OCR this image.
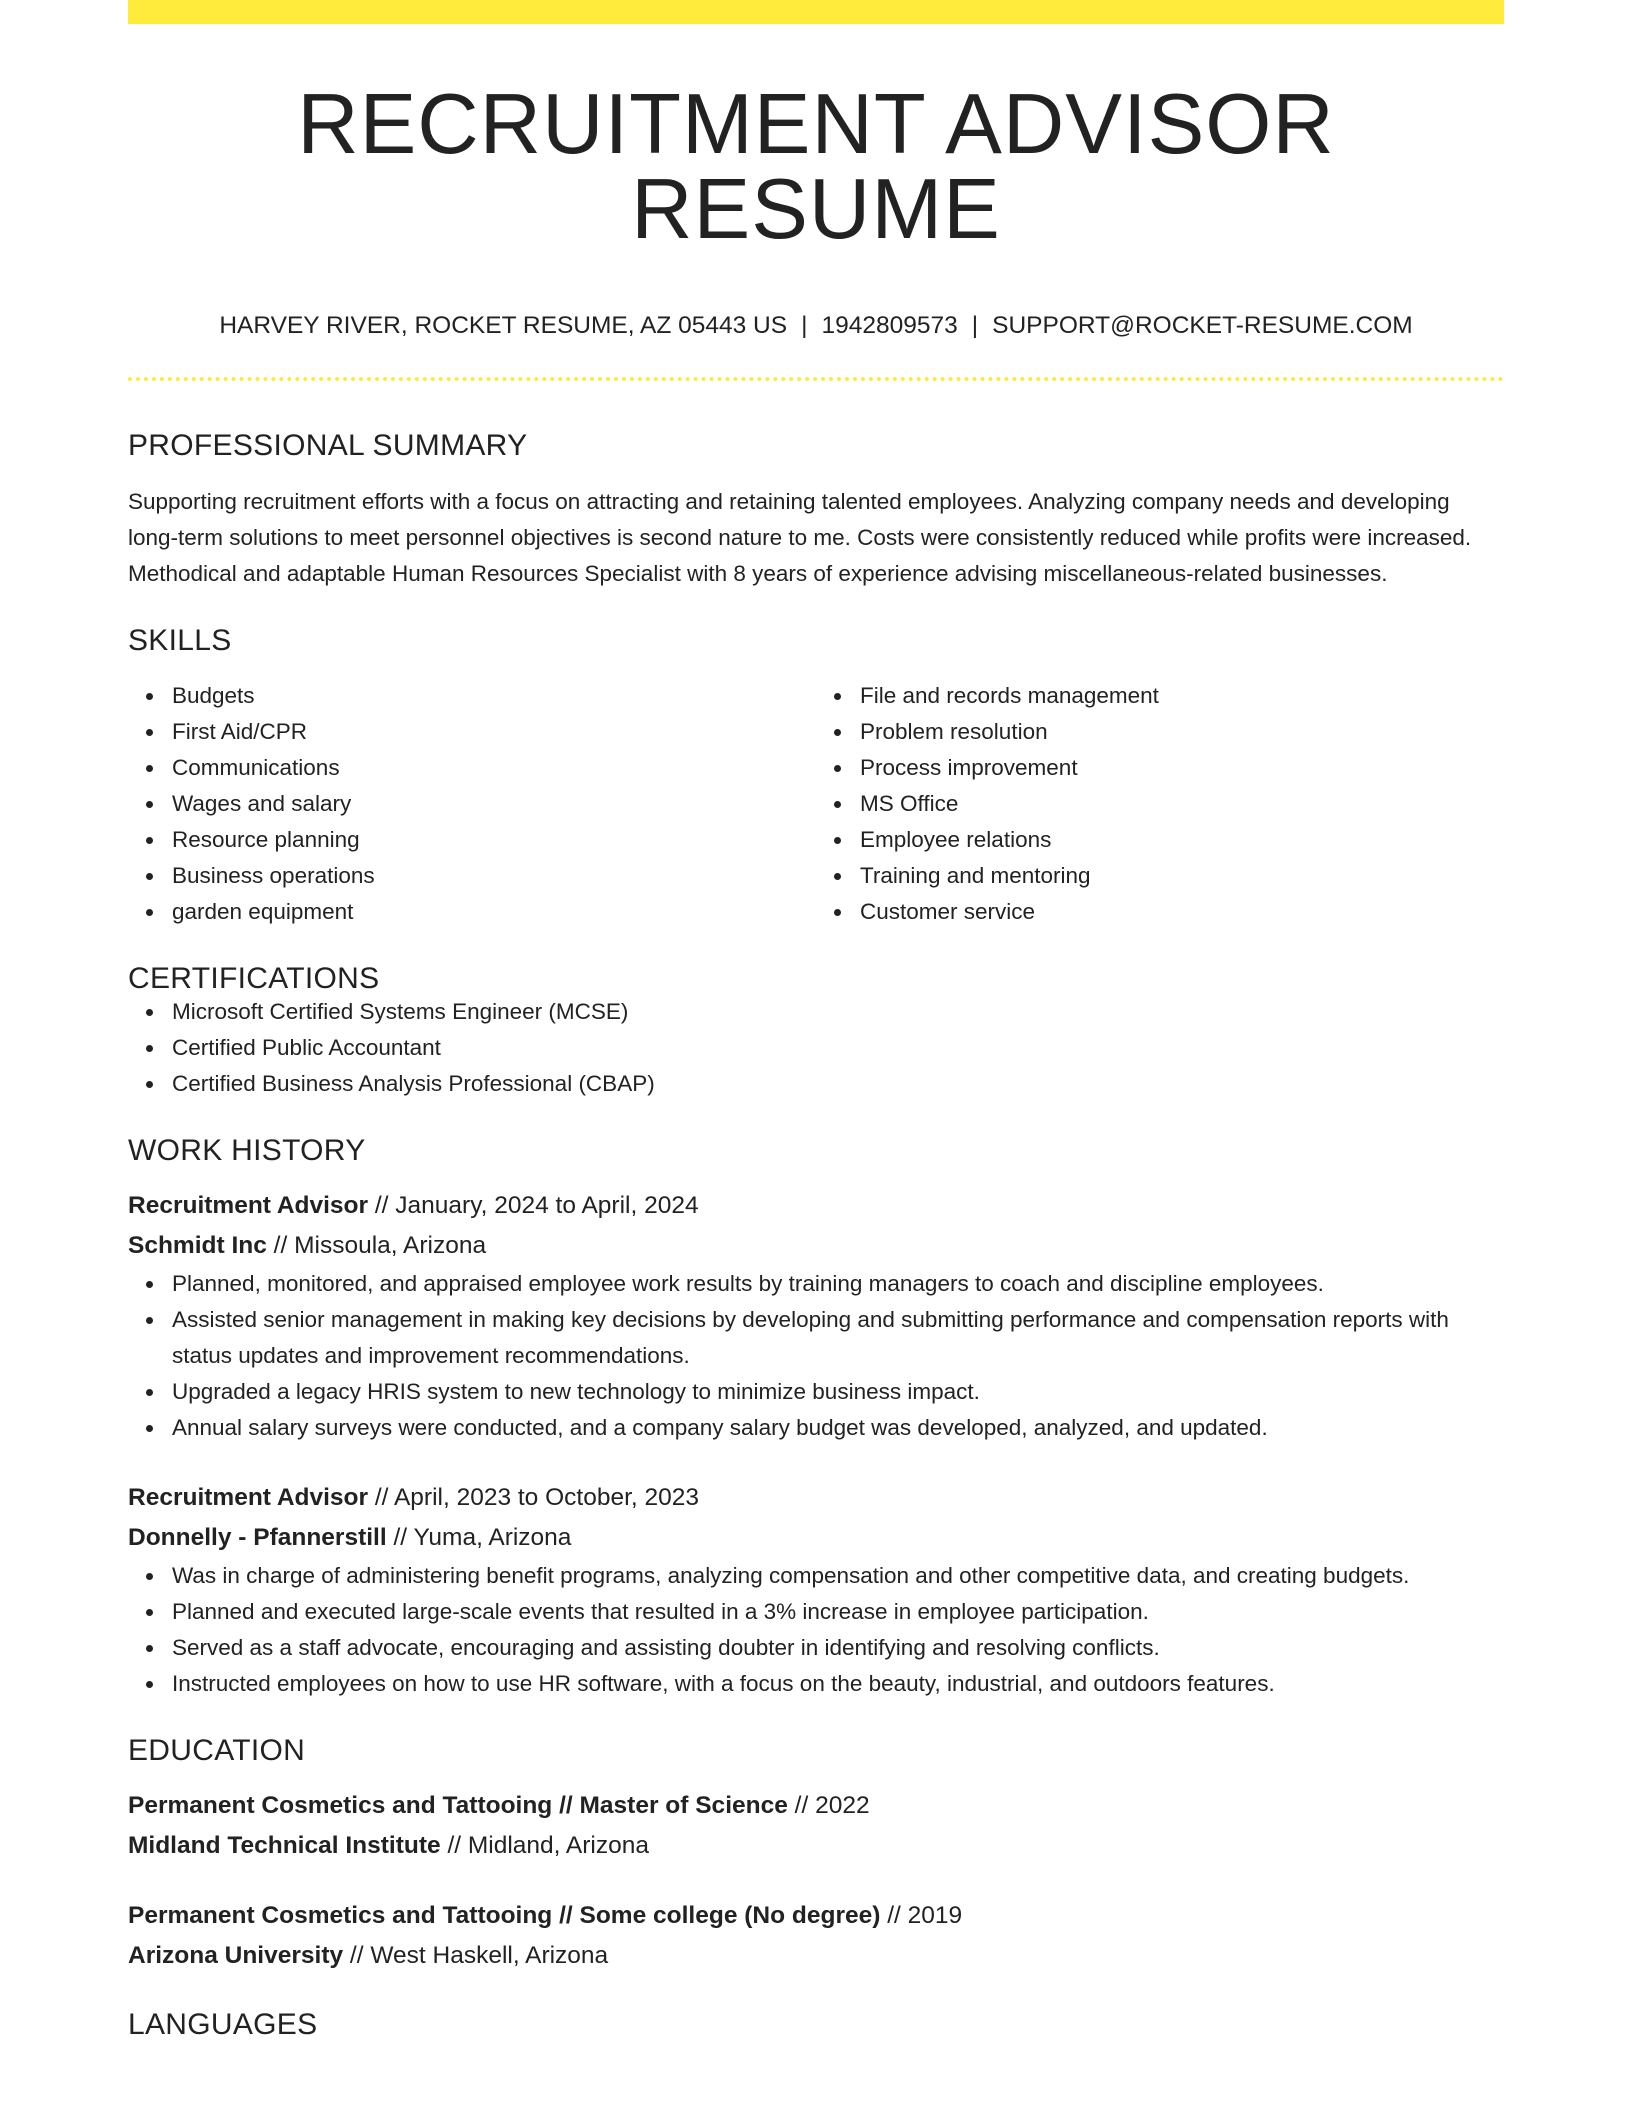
RECRUITMENT ADVISOR RESUME
HARVEY RIVER, ROCKET RESUME, AZ 05443 US | 1942809573 | SUPPORT@ROCKET-RESUME.COM
PROFESSIONAL SUMMARY

Supporting recruitment efforts with a focus on attracting and retaining talented employees. Analyzing company needs and developing long-term solutions to meet personnel objectives is second nature to me. Costs were consistently reduced while profits were increased. Methodical and adaptable Human Resources Specialist with 8 years of experience advising miscellaneous-related businesses.

SKILLS
Budgets
First Aid/CPR
Communications
Wages and salary
Resource planning
Business operations
garden equipment
File and records management
Problem resolution
Process improvement
MS Office
Employee relations
Training and mentoring
Customer service
CERTIFICATIONS
Microsoft Certified Systems Engineer (MCSE)
Certified Public Accountant
Certified Business Analysis Professional (CBAP)
WORK HISTORY
Recruitment Advisor // January, 2024 to April, 2024
Schmidt Inc // Missoula, Arizona
Planned, monitored, and appraised employee work results by training managers to coach and discipline employees.
Assisted senior management in making key decisions by developing and submitting performance and compensation reports with status updates and improvement recommendations.
Upgraded a legacy HRIS system to new technology to minimize business impact.
Annual salary surveys were conducted, and a company salary budget was developed, analyzed, and updated.
Recruitment Advisor // April, 2023 to October, 2023
Donnelly - Pfannerstill // Yuma, Arizona
Was in charge of administering benefit programs, analyzing compensation and other competitive data, and creating budgets.
Planned and executed large-scale events that resulted in a 3% increase in employee participation.
Served as a staff advocate, encouraging and assisting doubter in identifying and resolving conflicts.
Instructed employees on how to use HR software, with a focus on the beauty, industrial, and outdoors features.
EDUCATION
Permanent Cosmetics and Tattooing // Master of Science // 2022
Midland Technical Institute // Midland, Arizona
Permanent Cosmetics and Tattooing // Some college (No degree) // 2019
Arizona University // West Haskell, Arizona
LANGUAGES
